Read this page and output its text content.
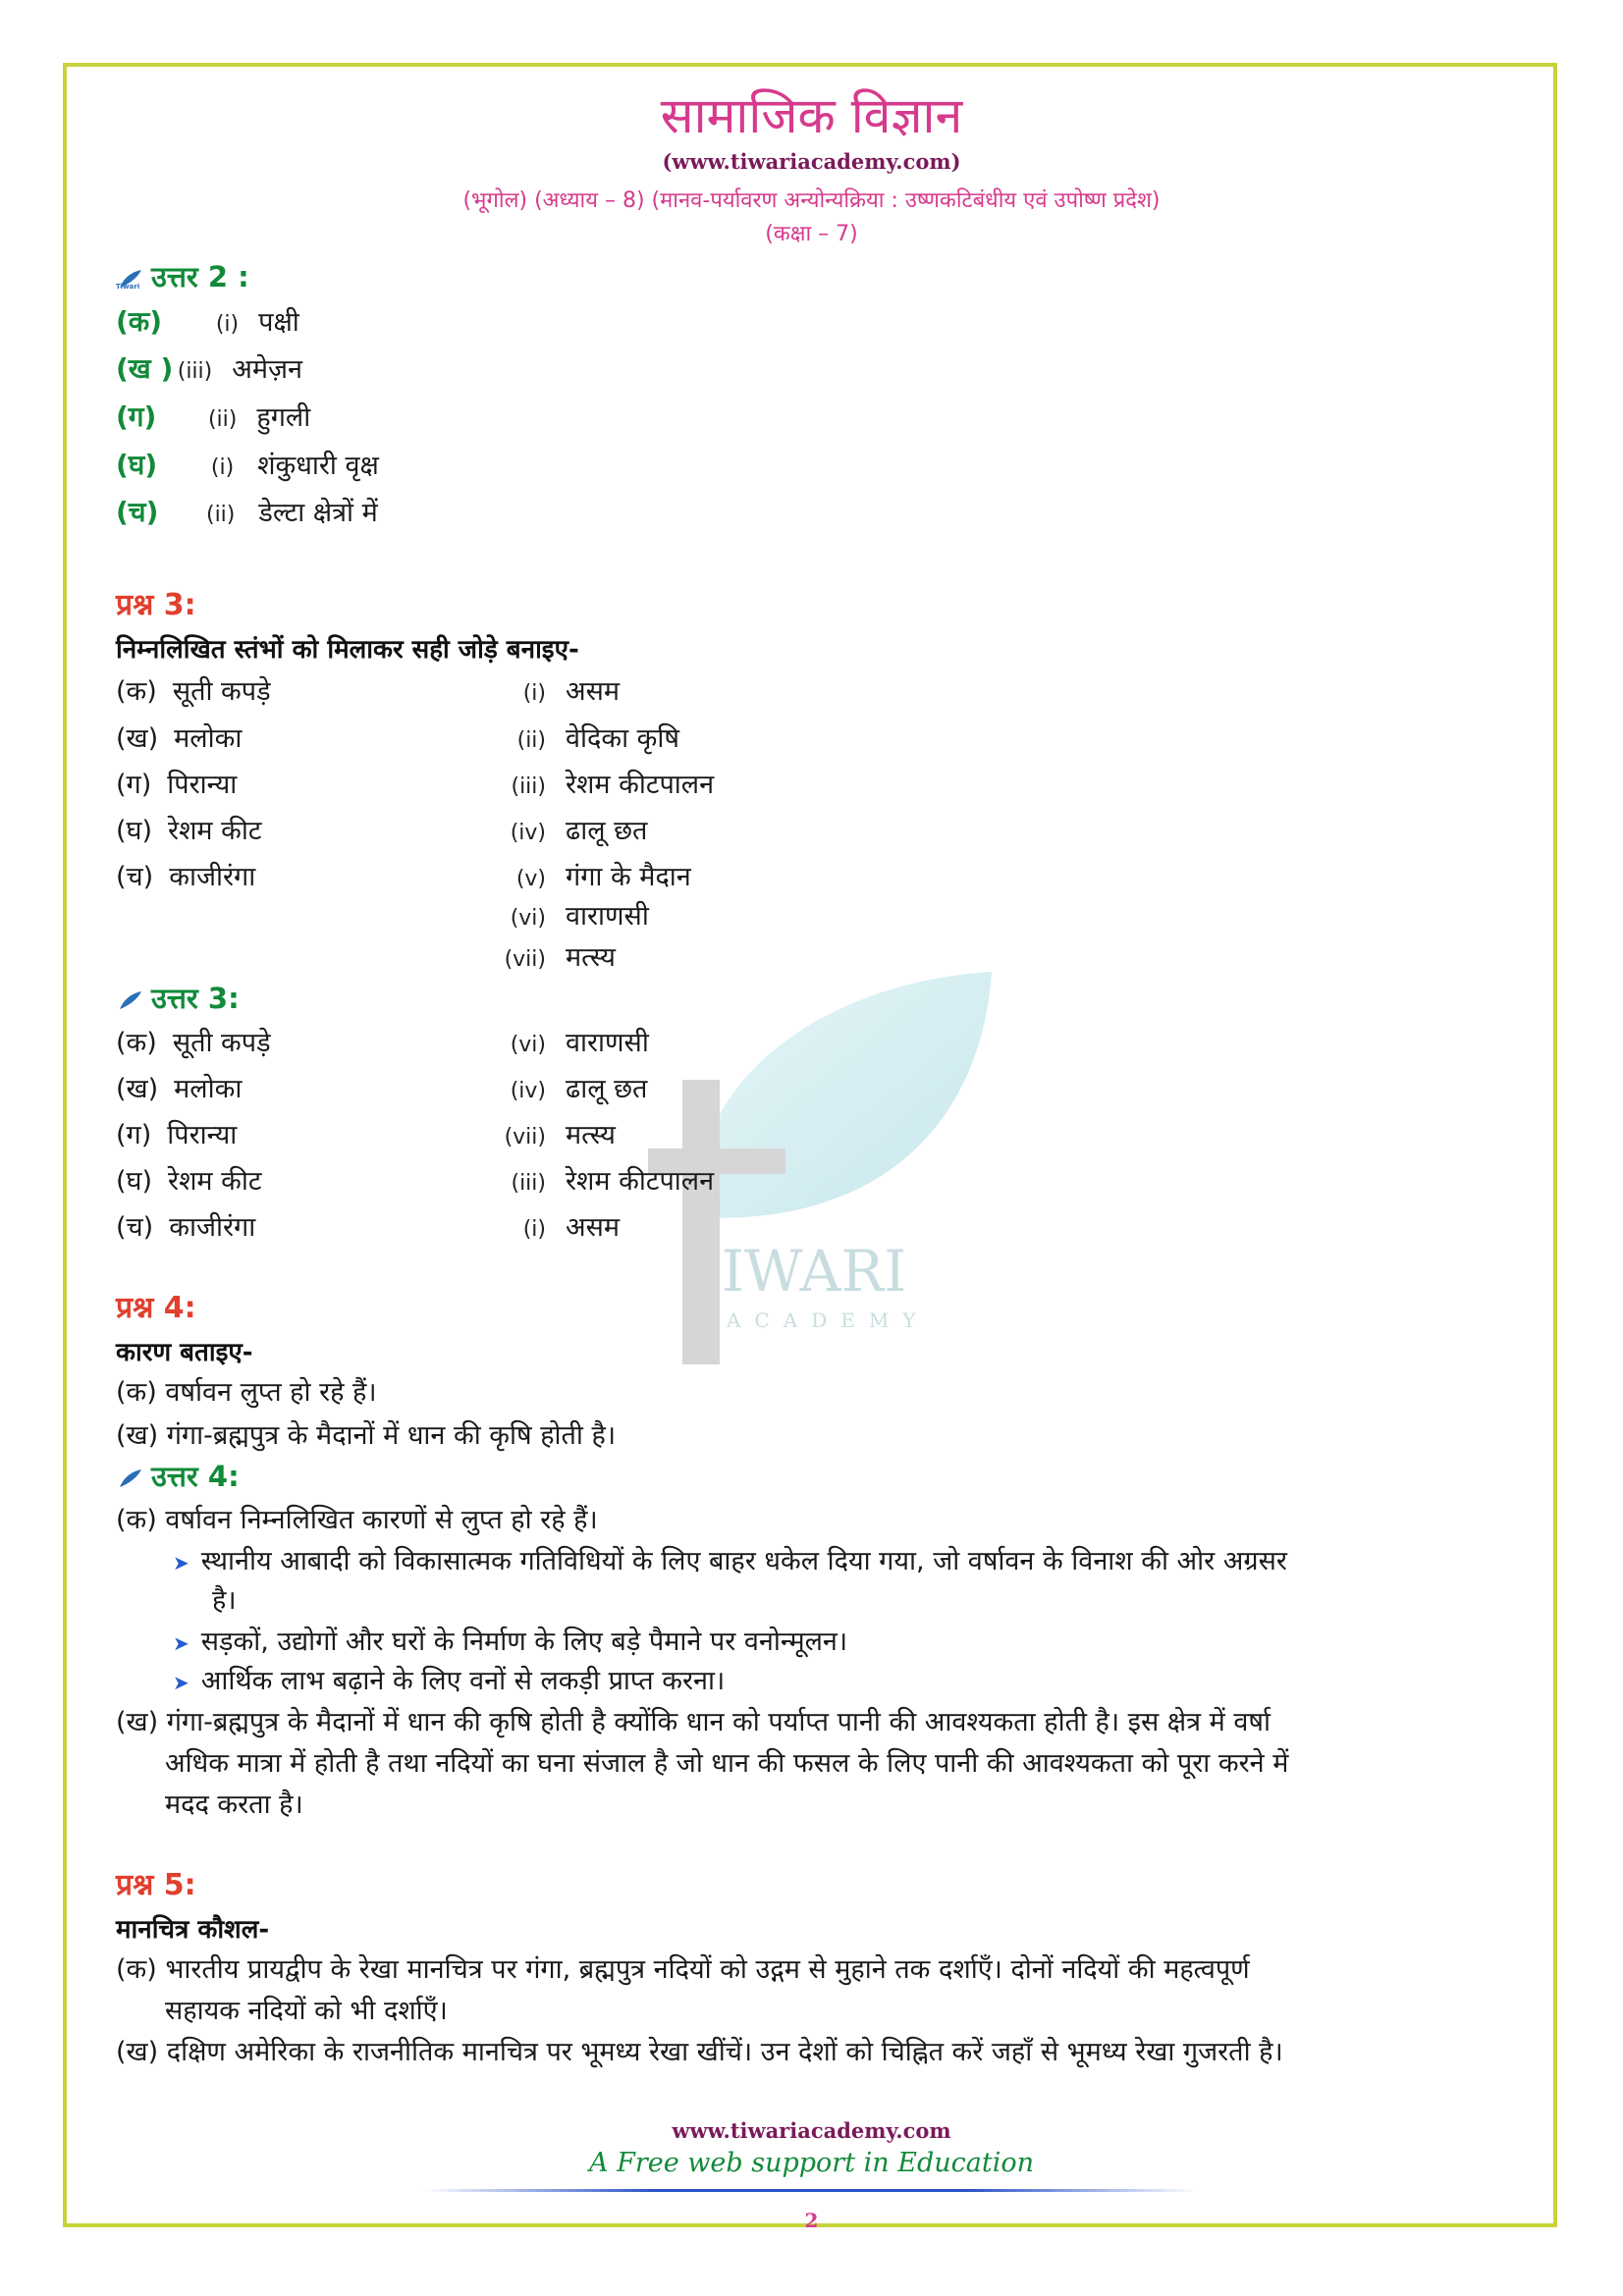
IWARI
ACADEMY
सामाजिक विज्ञान
(www.tiwariacademy.com)
(भूगोल) (अध्याय – 8) (मानव-पर्यावरण अन्योन्यक्रिया : उष्णकटिबंधीय एवं उपोष्ण प्रदेश)
(कक्षा – 7)
Tiwari उत्तर 2 :
(क) (i) पक्षी
(ख ) (iii) अमेज़न
(ग) (ii) हुगली
(घ) (i) शंकुधारी वृक्ष
(च) (ii) डेल्टा क्षेत्रों में
प्रश्न 3:
निम्नलिखित स्तंभों को मिलाकर सही जोड़े बनाइए-
(क) सूती कपड़े
(ख) मलोका
(ग) पिरान्या
(घ) रेशम कीट
(च) काजीरंगा
(i) असम
(ii) वेदिका कृषि
(iii) रेशम कीटपालन
(iv) ढालू छत
(v) गंगा के मैदान
(vi) वाराणसी
(vii) मत्स्य
उत्तर 3:
(क) सूती कपड़े
(ख) मलोका
(ग) पिरान्या
(घ) रेशम कीट
(च) काजीरंगा
(vi) वाराणसी
(iv) ढालू छत
(vii) मत्स्य
(iii) रेशम कीटपालन
(i) असम
प्रश्न 4:
कारण बताइए-
(क) वर्षावन लुप्त हो रहे हैं।
(ख) गंगा-ब्रह्मपुत्र के मैदानों में धान की कृषि होती है।
उत्तर 4:
(क) वर्षावन निम्नलिखित कारणों से लुप्त हो रहे हैं।
➤ स्थानीय आबादी को विकासात्मक गतिविधियों के लिए बाहर धकेल दिया गया, जो वर्षावन के विनाश की ओर अग्रसर
है।
➤ सड़कों, उद्योगों और घरों के निर्माण के लिए बड़े पैमाने पर वनोन्मूलन।
➤ आर्थिक लाभ बढ़ाने के लिए वनों से लकड़ी प्राप्त करना।
(ख) गंगा-ब्रह्मपुत्र के मैदानों में धान की कृषि होती है क्योंकि धान को पर्याप्त पानी की आवश्यकता होती है। इस क्षेत्र में वर्षा
अधिक मात्रा में होती है तथा नदियों का घना संजाल है जो धान की फसल के लिए पानी की आवश्यकता को पूरा करने में
मदद करता है।
प्रश्न 5:
मानचित्र कौशल-
(क) भारतीय प्रायद्वीप के रेखा मानचित्र पर गंगा, ब्रह्मपुत्र नदियों को उद्गम से मुहाने तक दर्शाएँ। दोनों नदियों की महत्वपूर्ण
सहायक नदियों को भी दर्शाएँ।
(ख) दक्षिण अमेरिका के राजनीतिक मानचित्र पर भूमध्य रेखा खींचें। उन देशों को चिह्नित करें जहाँ से भूमध्य रेखा गुजरती है।
www.tiwariacademy.com
A Free web support in Education
2
